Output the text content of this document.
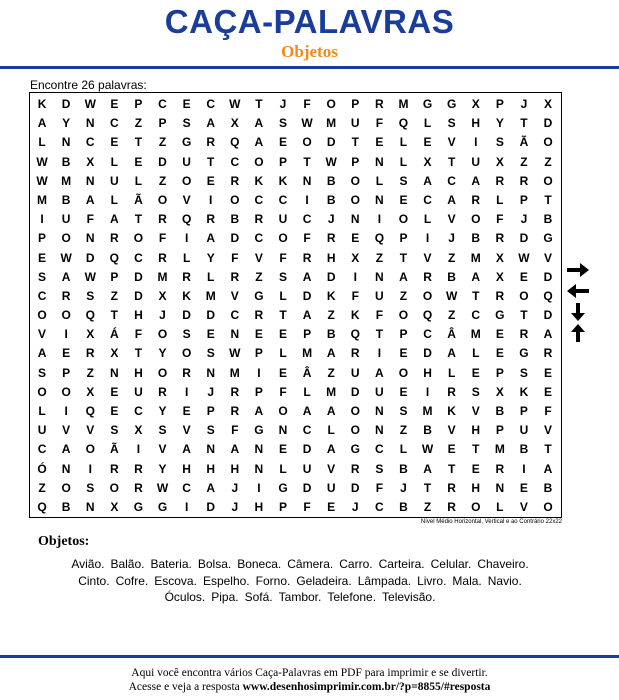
CAÇA-PALAVRAS
Objetos
Encontre 26 palavras:
K	D	W	E	P	C	E	C	W	T	J	F	O	P	R	M	G	G	X	P	J	X
A	Y	N	C	Z	P	S	A	X	A	S	W	M	U	F	Q	L	S	H	Y	T	D
L	N	C	E	T	Z	G	R	Q	A	E	O	D	T	E	L	E	V	I	S	Ã	O
W	B	X	L	E	D	U	T	C	O	P	T	W	P	N	L	X	T	U	X	Z	Z
W	M	N	U	L	Z	O	E	R	K	K	N	B	O	L	S	A	C	A	R	R	O
M	B	A	L	Ã	O	V	I	O	C	C	I	B	O	N	E	C	A	R	L	P	T
I	U	F	A	T	R	Q	R	B	R	U	C	J	N	I	O	L	V	O	F	J	B
P	O	N	R	O	F	I	A	D	C	O	F	R	E	Q	P	I	J	B	R	D	G
E	W	D	Q	C	R	L	Y	F	V	F	R	H	X	Z	T	V	Z	M	X	W	V
S	A	W	P	D	M	R	L	R	Z	S	A	D	I	N	A	R	B	A	X	E	D
C	R	S	Z	D	X	K	M	V	G	L	D	K	F	U	Z	O	W	T	R	O	Q
O	O	Q	T	H	J	D	D	C	R	T	A	Z	K	F	O	Q	Z	C	G	T	D
V	I	X	Á	F	O	S	E	N	E	E	P	B	Q	T	P	C	Â	M	E	R	A
A	E	R	X	T	Y	O	S	W	P	L	M	A	R	I	E	D	A	L	E	G	R
S	P	Z	N	H	O	R	N	M	I	E	Â	Z	U	A	O	H	L	E	P	S	E
O	O	X	E	U	R	I	J	R	P	F	L	M	D	U	E	I	R	S	X	K	E
L	I	Q	E	C	Y	E	P	R	A	O	A	A	O	N	S	M	K	V	B	P	F
U	V	V	S	X	S	V	S	F	G	N	C	L	O	N	Z	B	V	H	P	U	V
C	A	O	Ã	I	V	A	N	A	N	E	D	A	G	C	L	W	E	T	M	B	T
Ó	N	I	R	R	Y	H	H	H	N	L	U	V	R	S	B	A	T	E	R	I	A
Z	O	S	O	R	W	C	A	J	I	G	D	U	D	F	J	T	R	H	N	E	B
Q	B	N	X	G	G	I	D	J	H	P	F	E	J	C	B	Z	R	O	L	V	O
Nível Médio Horizontal, Vertical e ao Contrário 22x22
Objetos:
Avião. Balão. Bateria. Bolsa. Boneca. Câmera. Carro. Carteira. Celular. Chaveiro.
Cinto. Cofre. Escova. Espelho. Forno. Geladeira. Lâmpada. Livro. Mala. Navio.
Óculos. Pipa. Sofá. Tambor. Telefone. Televisão.
Aqui você encontra vários Caça-Palavras em PDF para imprimir e se divertir.
Acesse e veja a resposta www.desenhosimprimir.com.br/?p=8855/#resposta
